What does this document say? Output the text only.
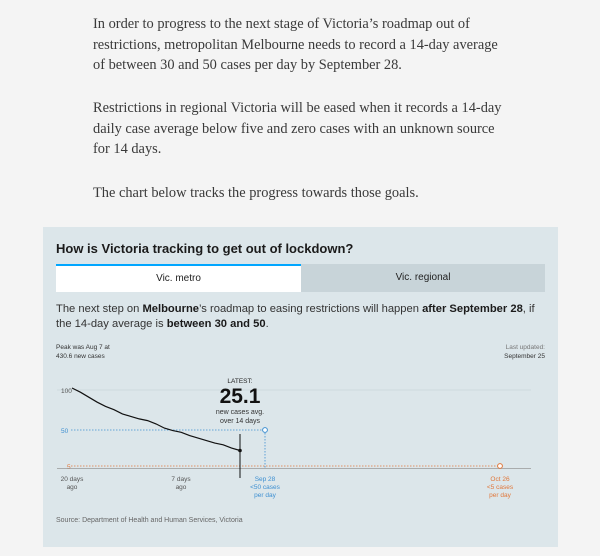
In order to progress to the next stage of Victoria’s roadmap out of restrictions, metropolitan Melbourne needs to record a 14-day average of between 30 and 50 cases per day by September 28.

Restrictions in regional Victoria will be eased when it records a 14-day daily case average below five and zero cases with an unknown source for 14 days.

The chart below tracks the progress towards those goals.

How is Victoria tracking to get out of lockdown?
Vic. metro	Vic. regional
The next step on Melbourne’s roadmap to easing restrictions will happen after September 28, if the 14-day average is between 30 and 50.
Peak was Aug 7 at
430.6 new cases
Last updated:
September 25
100
50
5
Sep 28
<50 cases
per day
Oct 26
<5 cases
per day
20 days
ago
7 days
ago
LATEST:
25.1
new cases avg.
over 14 days
Source: Department of Health and Human Services, Victoria
